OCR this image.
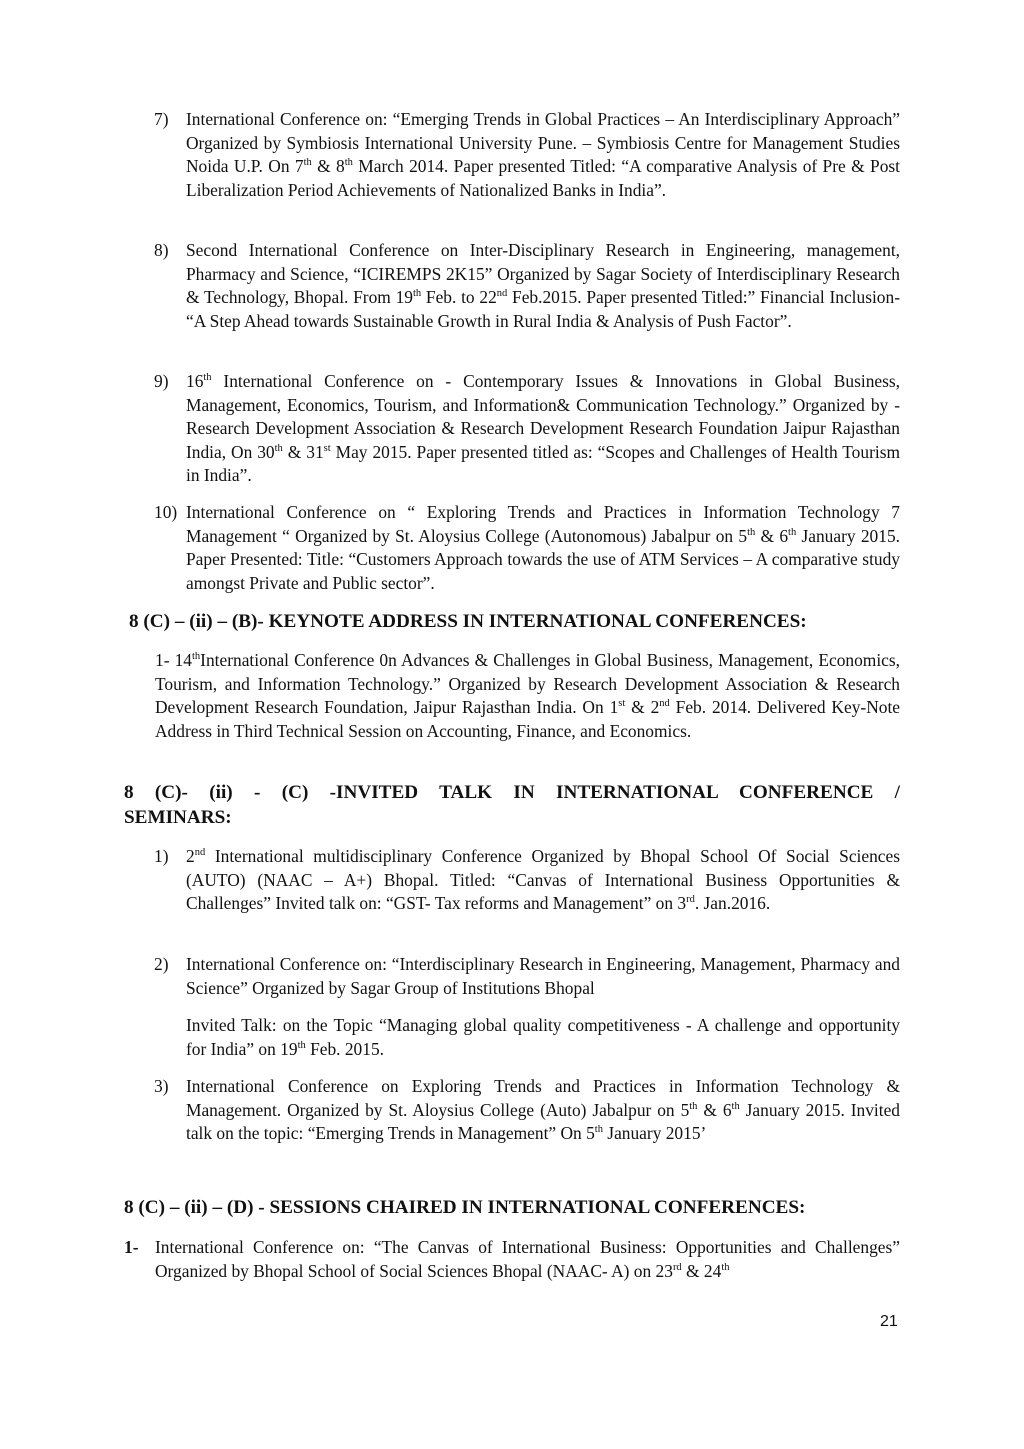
7) International Conference on: “Emerging Trends in Global Practices – An Interdisciplinary Approach” Organized by Symbiosis International University Pune. – Symbiosis Centre for Management Studies Noida U.P. On 7th & 8th March 2014. Paper presented Titled: “A comparative Analysis of Pre & Post Liberalization Period Achievements of Nationalized Banks in India”.
8) Second International Conference on Inter-Disciplinary Research in Engineering, management, Pharmacy and Science, “ICIREMPS 2K15” Organized by Sagar Society of Interdisciplinary Research & Technology, Bhopal. From 19th Feb. to 22nd Feb.2015. Paper presented Titled:” Financial Inclusion- “A Step Ahead towards Sustainable Growth in Rural India & Analysis of Push Factor”.
9) 16th International Conference on - Contemporary Issues & Innovations in Global Business, Management, Economics, Tourism, and Information& Communication Technology.” Organized by - Research Development Association & Research Development Research Foundation Jaipur Rajasthan India, On 30th & 31st May 2015. Paper presented titled as: “Scopes and Challenges of Health Tourism in India”.
10) International Conference on “ Exploring Trends and Practices in Information Technology 7 Management “ Organized by St. Aloysius College (Autonomous) Jabalpur on 5th & 6th January 2015. Paper Presented: Title: “Customers Approach towards the use of ATM Services – A comparative study amongst Private and Public sector”.
8 (C) – (ii) – (B)- KEYNOTE ADDRESS IN INTERNATIONAL CONFERENCES:
1- 14thInternational Conference 0n Advances & Challenges in Global Business, Management, Economics, Tourism, and Information Technology.” Organized by Research Development Association & Research Development Research Foundation, Jaipur Rajasthan India. On 1st & 2nd Feb. 2014. Delivered Key-Note Address in Third Technical Session on Accounting, Finance, and Economics.
8 (C)- (ii) - (C) -INVITED TALK IN INTERNATIONAL CONFERENCE /
SEMINARS:
1) 2nd International multidisciplinary Conference Organized by Bhopal School Of Social Sciences (AUTO) (NAAC – A+) Bhopal. Titled: “Canvas of International Business Opportunities & Challenges” Invited talk on: “GST- Tax reforms and Management” on 3rd. Jan.2016.
2) International Conference on: “Interdisciplinary Research in Engineering, Management, Pharmacy and Science” Organized by Sagar Group of Institutions Bhopal
Invited Talk: on the Topic “Managing global quality competitiveness - A challenge and opportunity for India” on 19th Feb. 2015.
3) International Conference on Exploring Trends and Practices in Information Technology & Management. Organized by St. Aloysius College (Auto) Jabalpur on 5th & 6th January 2015. Invited talk on the topic: “Emerging Trends in Management” On 5th January 2015’
8 (C) – (ii) – (D) - SESSIONS CHAIRED IN INTERNATIONAL CONFERENCES:
1- International Conference on: “The Canvas of International Business: Opportunities and Challenges” Organized by Bhopal School of Social Sciences Bhopal (NAAC- A) on 23rd & 24th
21
